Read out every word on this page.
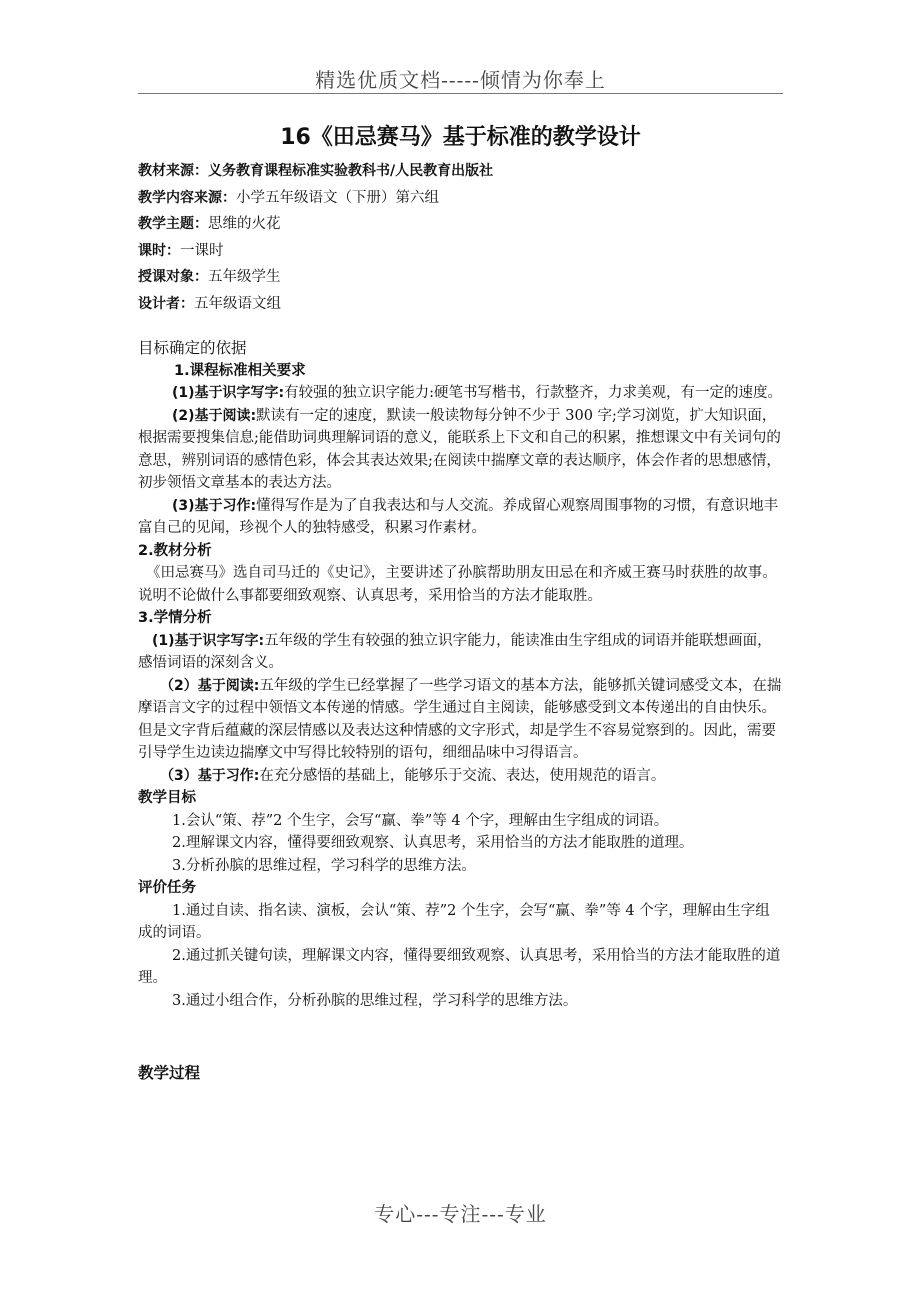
精选优质文档-----倾情为你奉上
16《田忌赛马》基于标准的教学设计

教材来源：义务教育课程标准实验教科书/人民教育出版社

教学内容来源：小学五年级语文（下册）第六组

教学主题：思维的火花

课时：一课时

授课对象：五年级学生

设计者：五年级语文组

目标确定的依据

1.课程标准相关要求

(1)基于识字写字:有较强的独立识字能力:硬笔书写楷书，行款整齐，力求美观，有一定的速度。

(2)基于阅读:默读有一定的速度，默读一般读物每分钟不少于 300 字;学习浏览，扩大知识面，根据需要搜集信息;能借助词典理解词语的意义，能联系上下文和自己的积累，推想课文中有关词句的意思，辨别词语的感情色彩，体会其表达效果;在阅读中揣摩文章的表达顺序，体会作者的思想感情，初步领悟文章基本的表达方法。

(3)基于习作:懂得写作是为了自我表达和与人交流。养成留心观察周围事物的习惯，有意识地丰富自己的见闻，珍视个人的独特感受，积累习作素材。

2.教材分析

《田忌赛马》选自司马迁的《史记》，主要讲述了孙膑帮助朋友田忌在和齐威王赛马时获胜的故事。说明不论做什么事都要细致观察、认真思考，采用恰当的方法才能取胜。

3.学情分析

(1)基于识字写字:五年级的学生有较强的独立识字能力，能读准由生字组成的词语并能联想画面，感悟词语的深刻含义。

（2）基于阅读:五年级的学生已经掌握了一些学习语文的基本方法，能够抓关键词感受文本，在揣摩语言文字的过程中领悟文本传递的情感。学生通过自主阅读，能够感受到文本传递出的自由快乐。但是文字背后蕴藏的深层情感以及表达这种情感的文字形式，却是学生不容易觉察到的。因此，需要引导学生边读边揣摩文中写得比较特别的语句，细细品味中习得语言。

（3）基于习作:在充分感悟的基础上，能够乐于交流、表达，使用规范的语言。

教学目标

1.会认“策、荐”2 个生字，会写“赢、拳”等 4 个字，理解由生字组成的词语。

2.理解课文内容，懂得要细致观察、认真思考，采用恰当的方法才能取胜的道理。

3.分析孙膑的思维过程，学习科学的思维方法。

评价任务

1.通过自读、指名读、演板，会认“策、荐”2 个生字，会写“赢、拳”等 4 个字，理解由生字组成的词语。

2.通过抓关键句读，理解课文内容，懂得要细致观察、认真思考，采用恰当的方法才能取胜的道理。

3.通过小组合作，分析孙膑的思维过程，学习科学的思维方法。

教学过程

专心---专注---专业
